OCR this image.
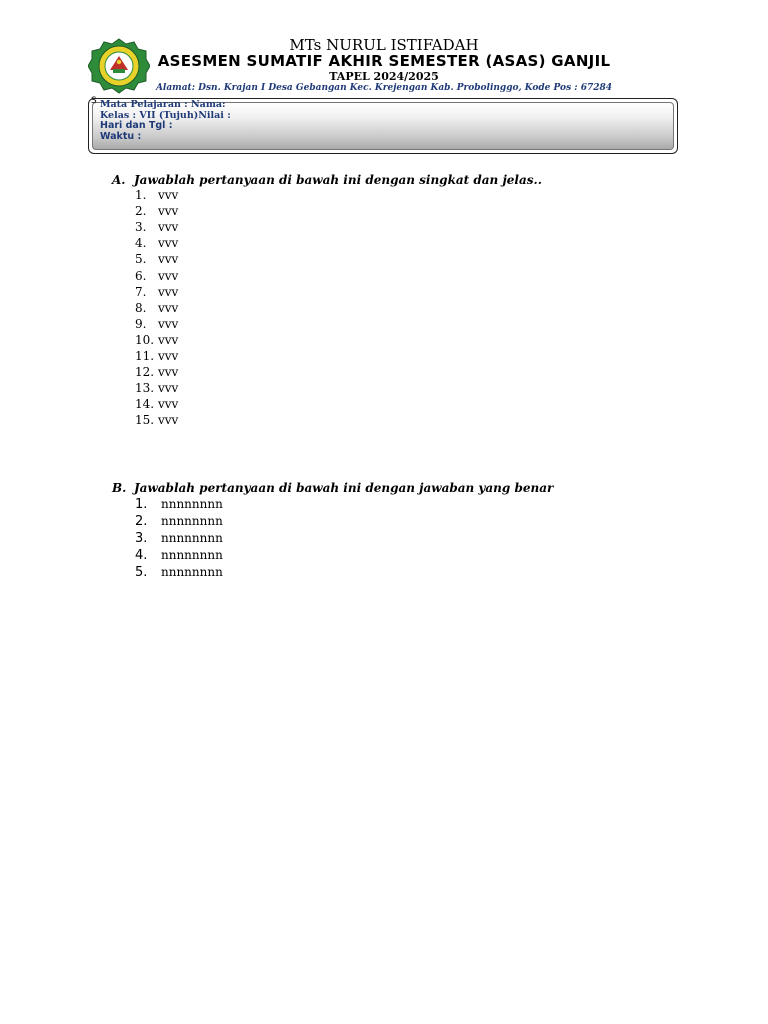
MTs NURUL ISTIFADAH
ASESMEN SUMATIF AKHIR SEMESTER (ASAS) GANJIL
TAPEL 2024/2025
Alamat: Dsn. Krajan I Desa Gebangan Kec. Krejengan Kab. Probolinggo, Kode Pos : 67284
S Mata Pelajaran : Nama:
Kelas : VII (Tujuh)Nilai :
Hari dan Tgl :
Waktu :
A. Jawablah pertanyaan di bawah ini dengan singkat dan jelas..
1. vvv
2. vvv
3. vvv
4. vvv
5. vvv
6. vvv
7. vvv
8. vvv
9. vvv
10. vvv
11. vvv
12. vvv
13. vvv
14. vvv
15. vvv
B. Jawablah pertanyaan di bawah ini dengan jawaban yang benar
1. nnnnnnnn
2. nnnnnnnn
3. nnnnnnnn
4. nnnnnnnn
5. nnnnnnnn
